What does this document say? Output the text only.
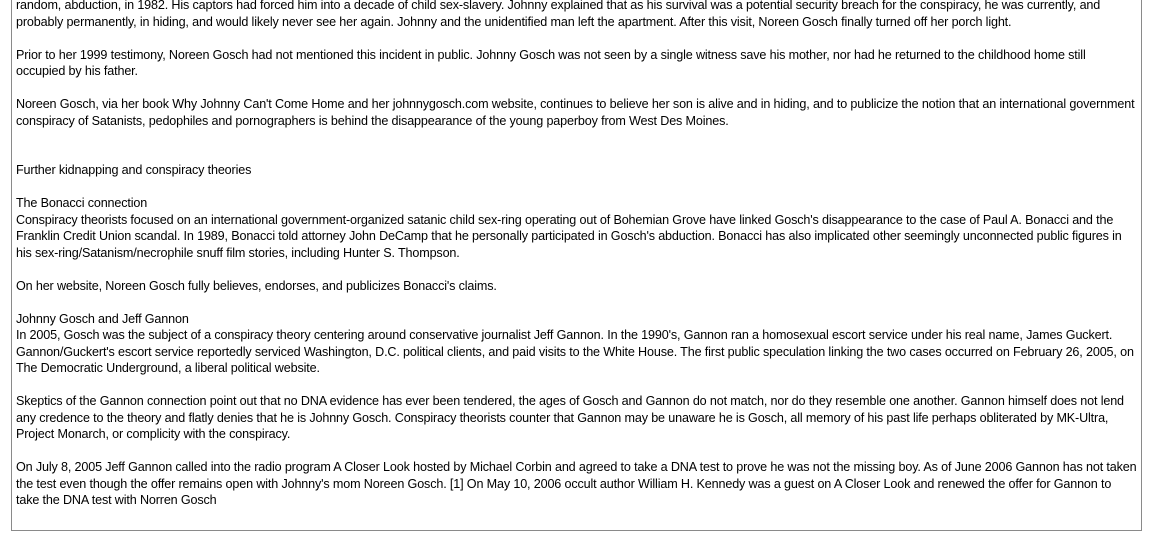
random, abduction, in 1982. His captors had forced him into a decade of child sex-slavery. Johnny explained that as his survival was a potential security breach for the conspiracy, he was currently, and probably permanently, in hiding, and would likely never see her again. Johnny and the unidentified man left the apartment. After this visit, Noreen Gosch finally turned off her porch light.

Prior to her 1999 testimony, Noreen Gosch had not mentioned this incident in public. Johnny Gosch was not seen by a single witness save his mother, nor had he returned to the childhood home still occupied by his father.

Noreen Gosch, via her book Why Johnny Can't Come Home and her johnnygosch.com website, continues to believe her son is alive and in hiding, and to publicize the notion that an international government conspiracy of Satanists, pedophiles and pornographers is behind the disappearance of the young paperboy from West Des Moines.

Further kidnapping and conspiracy theories

The Bonacci connection

Conspiracy theorists focused on an international government-organized satanic child sex-ring operating out of Bohemian Grove have linked Gosch's disappearance to the case of Paul A. Bonacci and the Franklin Credit Union scandal. In 1989, Bonacci told attorney John DeCamp that he personally participated in Gosch's abduction. Bonacci has also implicated other seemingly unconnected public figures in his sex-ring/Satanism/necrophile snuff film stories, including Hunter S. Thompson.

On her website, Noreen Gosch fully believes, endorses, and publicizes Bonacci's claims.

Johnny Gosch and Jeff Gannon

In 2005, Gosch was the subject of a conspiracy theory centering around conservative journalist Jeff Gannon. In the 1990's, Gannon ran a homosexual escort service under his real name, James Guckert. Gannon/Guckert's escort service reportedly serviced Washington, D.C. political clients, and paid visits to the White House. The first public speculation linking the two cases occurred on February 26, 2005, on The Democratic Underground, a liberal political website.

Skeptics of the Gannon connection point out that no DNA evidence has ever been tendered, the ages of Gosch and Gannon do not match, nor do they resemble one another. Gannon himself does not lend any credence to the theory and flatly denies that he is Johnny Gosch. Conspiracy theorists counter that Gannon may be unaware he is Gosch, all memory of his past life perhaps obliterated by MK-Ultra, Project Monarch, or complicity with the conspiracy.

On July 8, 2005 Jeff Gannon called into the radio program A Closer Look hosted by Michael Corbin and agreed to take a DNA test to prove he was not the missing boy. As of June 2006 Gannon has not taken the test even though the offer remains open with Johnny's mom Noreen Gosch. [1] On May 10, 2006 occult author William H. Kennedy was a guest on A Closer Look and renewed the offer for Gannon to take the DNA test with Norren Gosch
